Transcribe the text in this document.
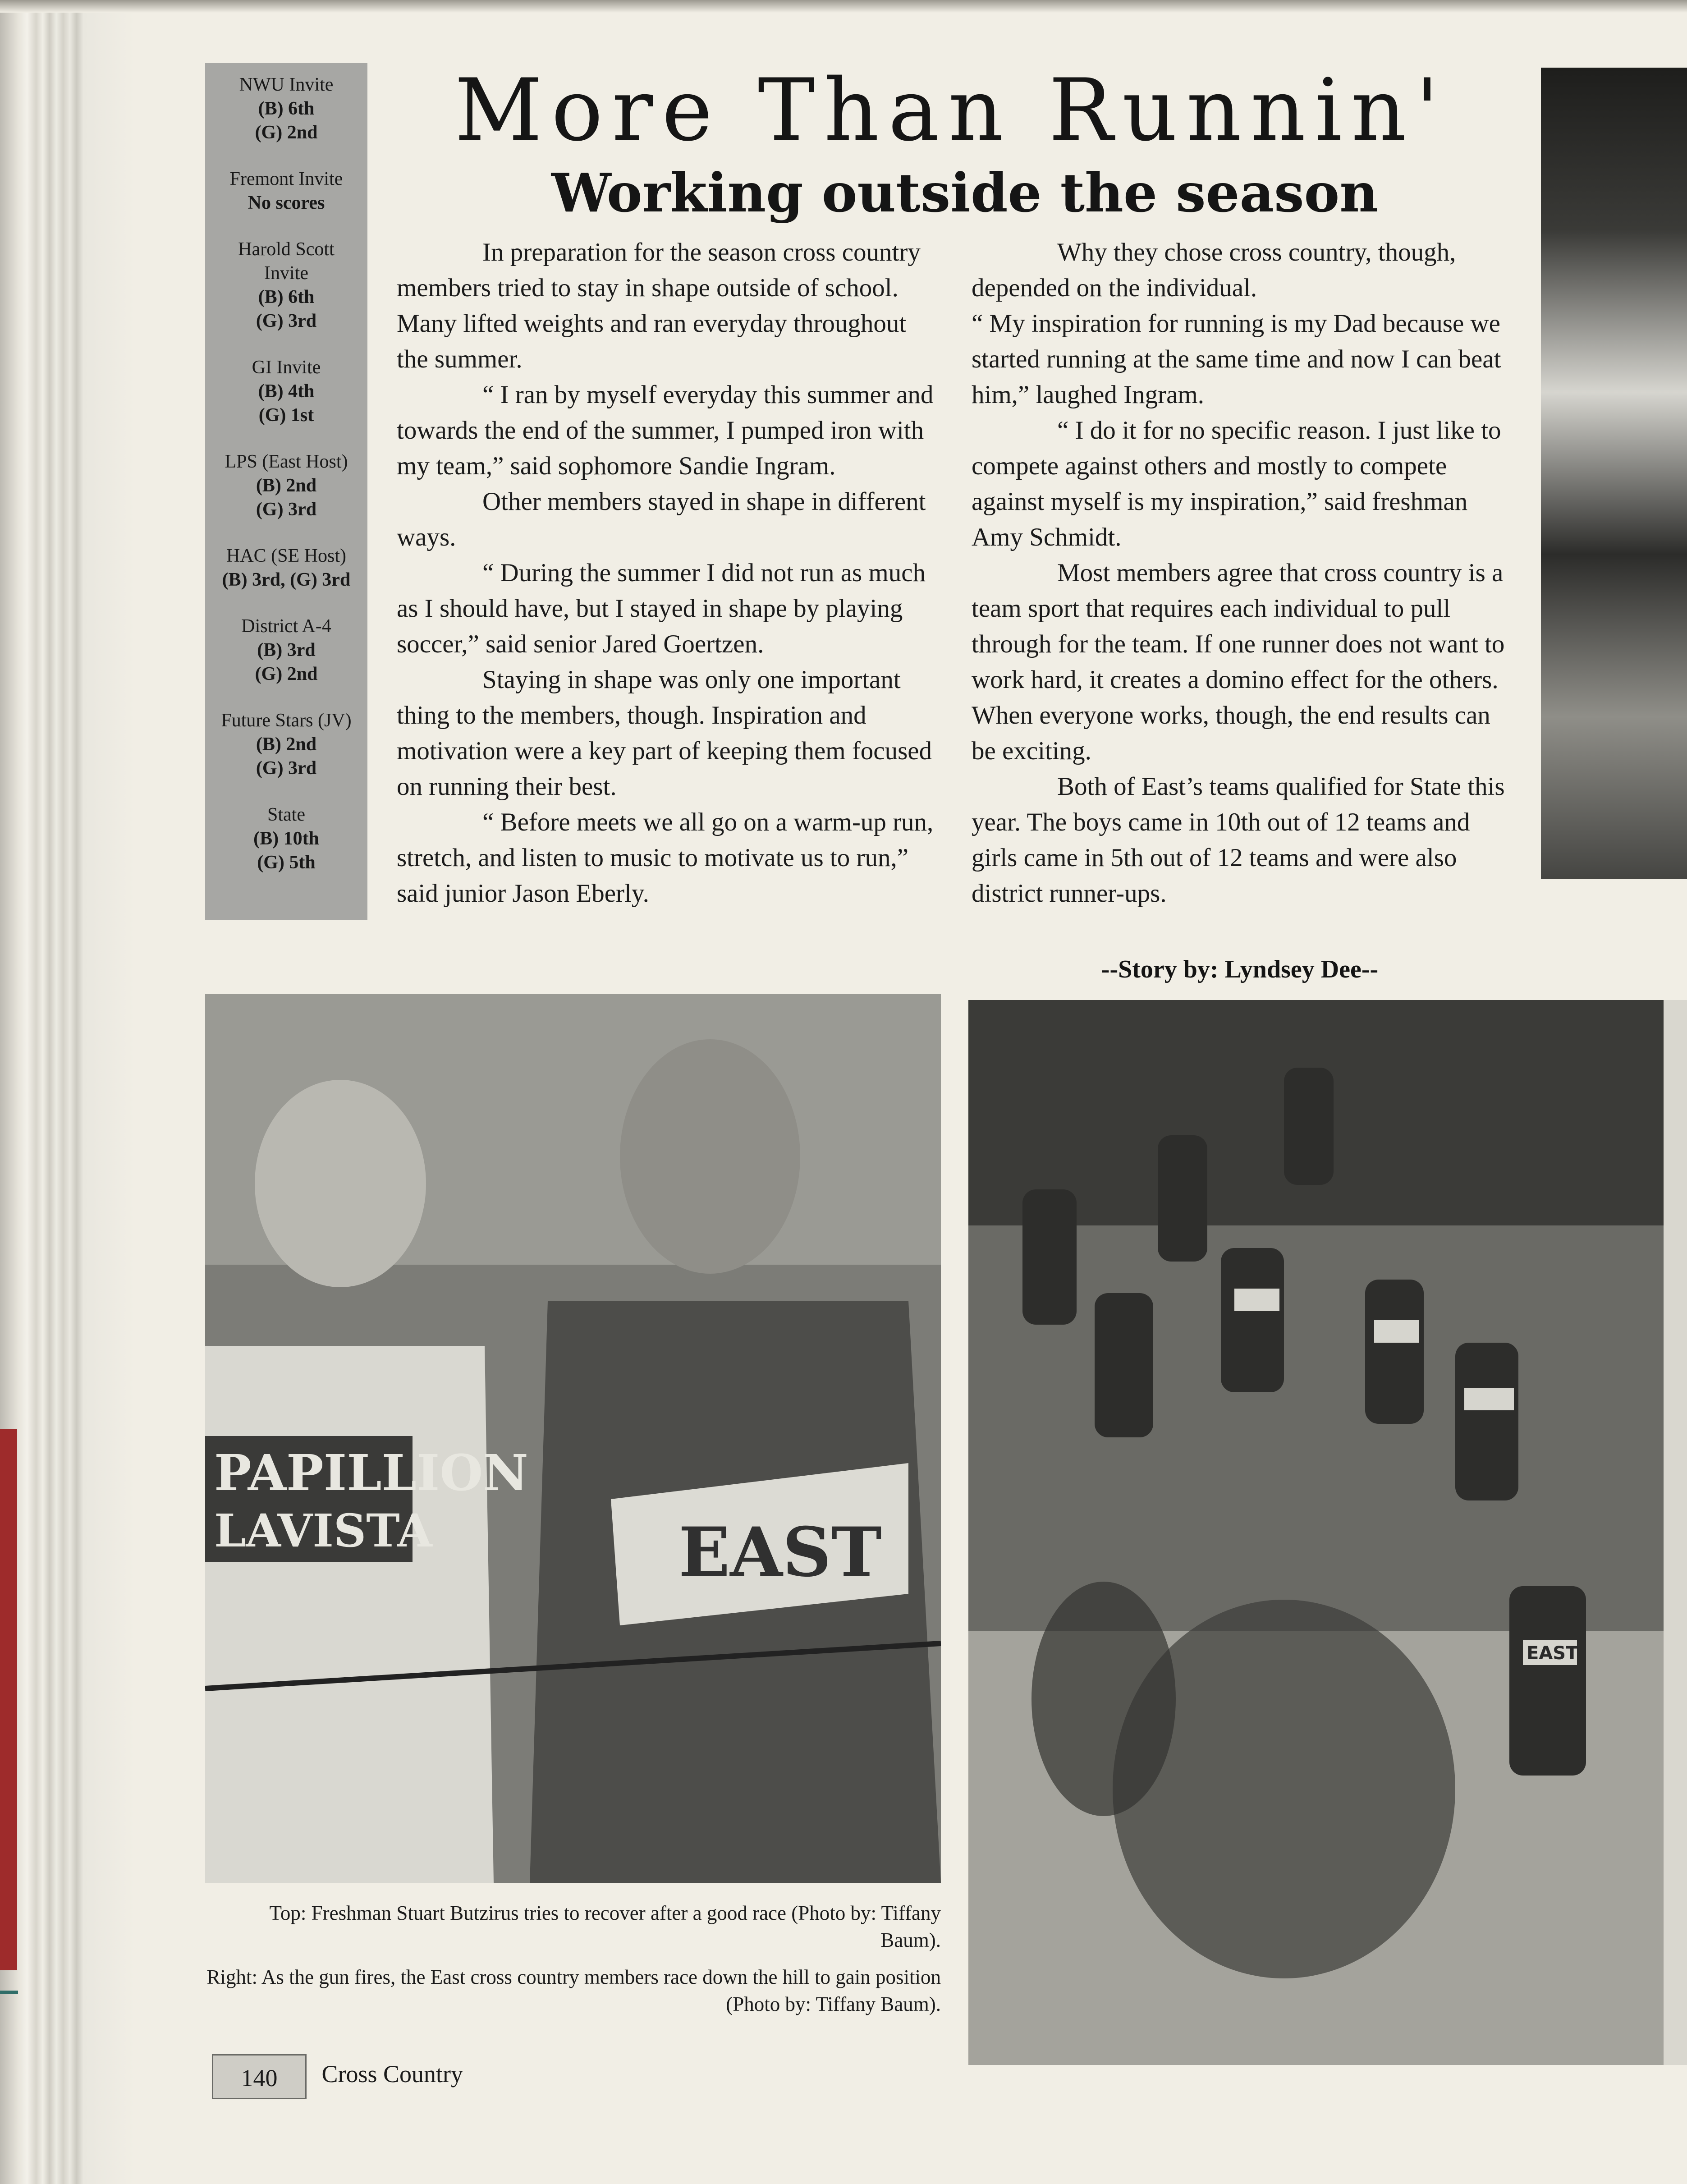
NWU Invite
(B) 6th
(G) 2nd
Fremont Invite
No scores
Harold Scott Invite
(B) 6th
(G) 3rd
GI Invite
(B) 4th
(G) 1st
LPS (East Host)
(B) 2nd
(G) 3rd
HAC (SE Host)
(B) 3rd, (G) 3rd
District A-4
(B) 3rd
(G) 2nd
Future Stars (JV)
(B) 2nd
(G) 3rd
State
(B) 10th
(G) 5th
More Than Runnin'
Working outside the season

In preparation for the season cross country members tried to stay in shape outside of school. Many lifted weights and ran everyday throughout the summer.

“ I ran by myself everyday this summer and towards the end of the summer, I pumped iron with my team,” said sophomore Sandie Ingram.

Other members stayed in shape in different ways.

“ During the summer I did not run as much as I should have, but I stayed in shape by playing soccer,” said senior Jared Goertzen.

Staying in shape was only one important thing to the members, though. Inspiration and motivation were a key part of keeping them focused on running their best.

“ Before meets we all go on a warm-up run, stretch, and listen to music to motivate us to run,” said junior Jason Eberly.

Why they chose cross country, though, depended on the individual.

“ My inspiration for running is my Dad because we started running at the same time and now I can beat him,” laughed Ingram.

“ I do it for no specific reason. I just like to compete against others and mostly to compete against myself is my inspiration,” said freshman Amy Schmidt.

Most members agree that cross country is a team sport that requires each individual to pull through for the team. If one runner does not want to work hard, it creates a domino effect for the others. When everyone works, though, the end results can be exciting.

Both of East’s teams qualified for State this year. The boys came in 10th out of 12 teams and girls came in 5th out of 12 teams and were also district runner-ups.

--Story by: Lyndsey Dee--
PAPILLION
LAVISTA	EAST
EAST
Top: Freshman Stuart Butzirus tries to recover after a good race (Photo by: Tiffany Baum).
Right: As the gun fires, the East cross country members race down the hill to gain position (Photo by: Tiffany Baum).
140 Cross Country
